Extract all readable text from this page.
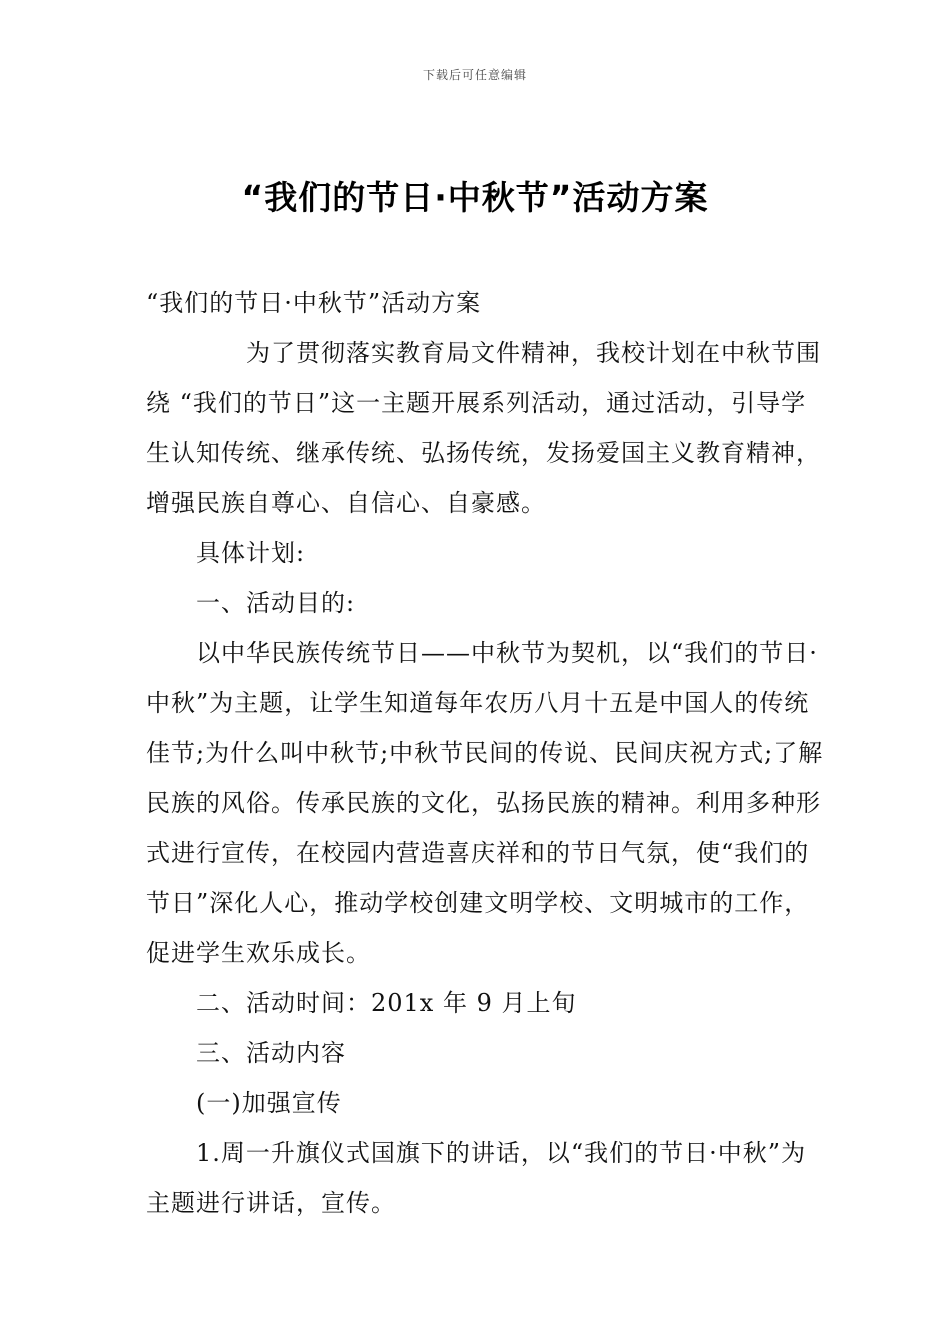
下载后可任意编辑
“我们的节日·中秋节”活动方案

“我们的节日·中秋节”活动方案

为了贯彻落实教育局文件精神，我校计划在中秋节围绕 “我们的节日”这一主题开展系列活动，通过活动，引导学生认知传统、继承传统、弘扬传统，发扬爱国主义教育精神，增强民族自尊心、自信心、自豪感。

具体计划:

一、活动目的:

以中华民族传统节日——中秋节为契机，以“我们的节日·中秋”为主题，让学生知道每年农历八月十五是中国人的传统佳节;为什么叫中秋节;中秋节民间的传说、民间庆祝方式;了解民族的风俗。传承民族的文化，弘扬民族的精神。利用多种形式进行宣传，在校园内营造喜庆祥和的节日气氛，使“我们的节日”深化人心，推动学校创建文明学校、文明城市的工作，促进学生欢乐成长。

二、活动时间：201x 年 9 月上旬

三、活动内容

(一)加强宣传

1.周一升旗仪式国旗下的讲话，以“我们的节日·中秋”为主题进行讲话，宣传。
